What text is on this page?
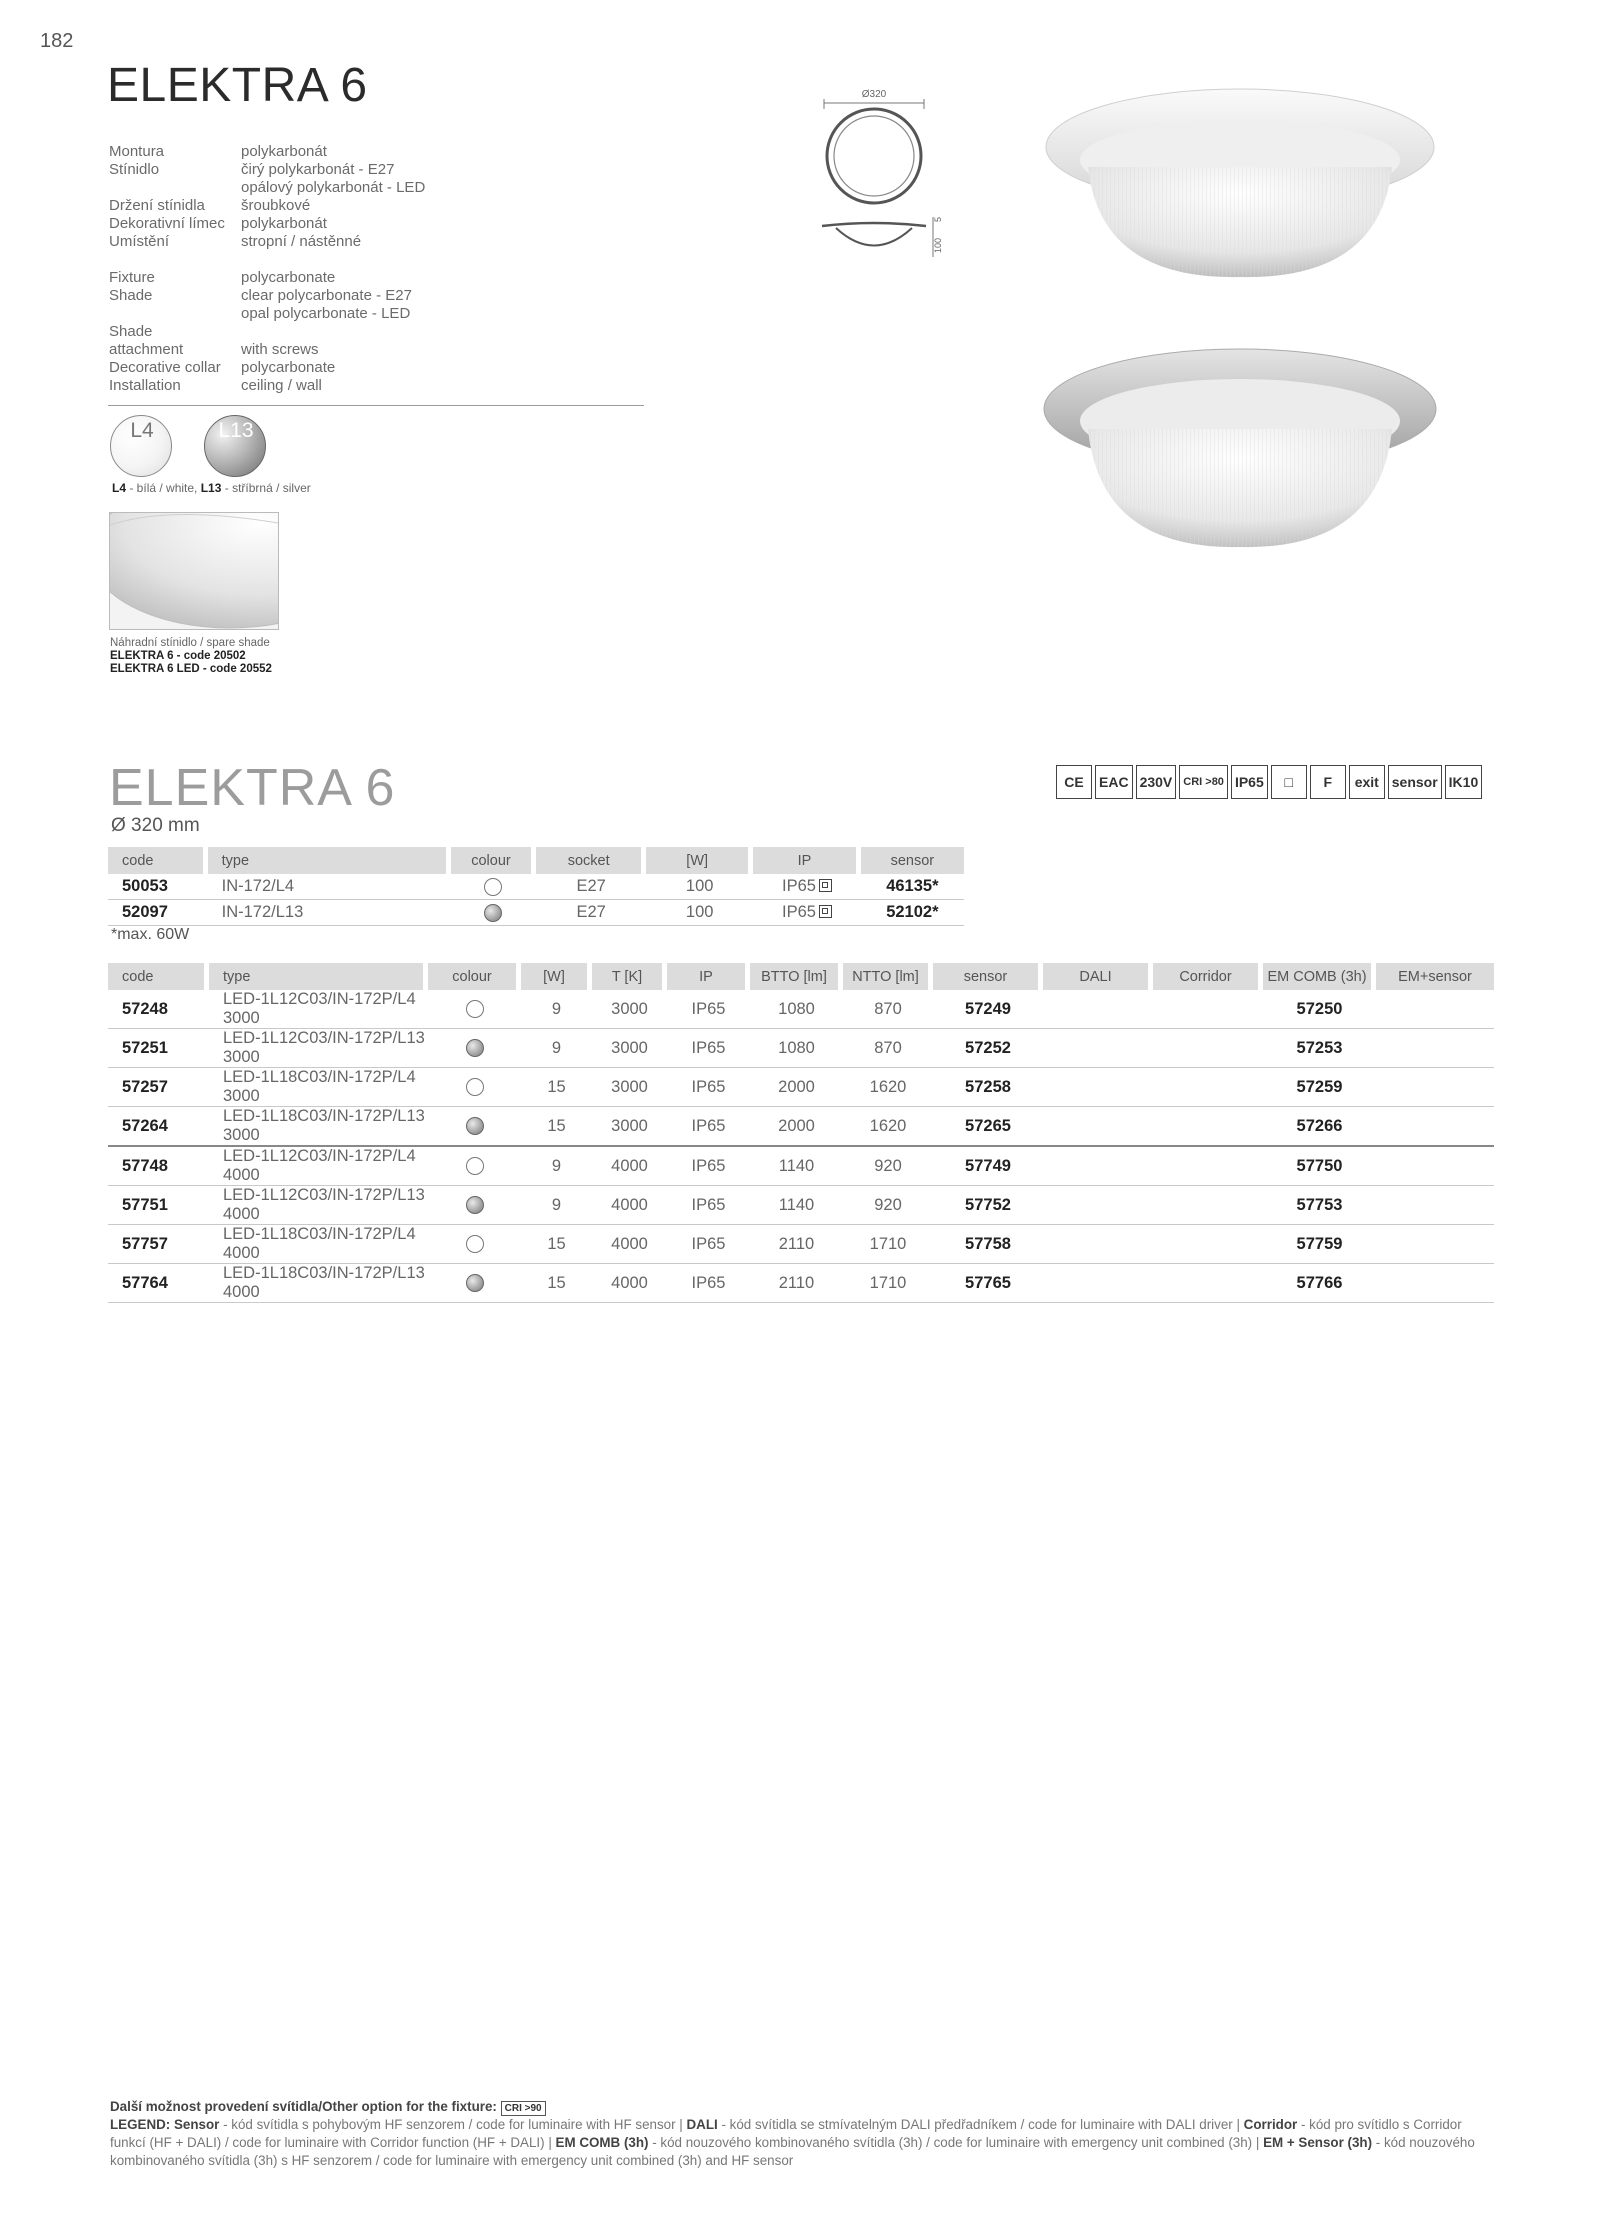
182
ELEKTRA 6
Montura	polykarbonát
Stínidlo	čirý polykarbonát - E27
opálový polykarbonát - LED
Držení stínidla	šroubkové
Dekorativní límec	polykarbonát
Umístění	stropní / nástěnné
Fixture	polycarbonate
Shade	clear polycarbonate - E27
opal polycarbonate - LED
Shade
attachment	with screws
Decorative collar	polycarbonate
Installation	ceiling / wall
L4	L13
L4 - bílá / white, L13 - stříbrná / silver
Náhradní stínidlo / spare shade
ELEKTRA 6 - code 20502
ELEKTRA 6 LED - code 20552
Ø320
100
5
ELEKTRA 6
Ø 320 mm
CE	EAC 230V	CRI >80 IP65	□	F	exit sensor IK10
code	type	colour	socket	[W]	IP	sensor
50053	IN-172/L4		E27	100	IP65	46135*
52097	IN-172/L13		E27	100	IP65	52102*
*max. 60W
code	type	colour	[W]	T [K]	IP	BTTO [lm]	NTTO [lm]	sensor	DALI	Corridor	EM COMB (3h)	EM+sensor
57248	LED-1L12C03/IN-172P/L4 3000		9	3000	IP65	1080	870	57249			57250	
57251	LED-1L12C03/IN-172P/L13 3000		9	3000	IP65	1080	870	57252			57253	
57257	LED-1L18C03/IN-172P/L4 3000		15	3000	IP65	2000	1620	57258			57259	
57264	LED-1L18C03/IN-172P/L13 3000		15	3000	IP65	2000	1620	57265			57266	
57748	LED-1L12C03/IN-172P/L4 4000		9	4000	IP65	1140	920	57749			57750	
57751	LED-1L12C03/IN-172P/L13 4000		9	4000	IP65	1140	920	57752			57753	
57757	LED-1L18C03/IN-172P/L4 4000		15	4000	IP65	2110	1710	57758			57759	
57764	LED-1L18C03/IN-172P/L13 4000		15	4000	IP65	2110	1710	57765			57766	
Další možnost provedení svítidla/Other option for the fixture: CRI >90
LEGEND: Sensor - kód svítidla s pohybovým HF senzorem / code for luminaire with HF sensor | DALI - kód svítidla se stmívatelným DALI předřadníkem / code for luminaire with DALI driver | Corridor - kód pro svítidlo s Corridor funkcí (HF + DALI) / code for luminaire with Corridor function (HF + DALI) | EM COMB (3h) - kód nouzového kombinovaného svítidla (3h) / code for luminaire with emergency unit combined (3h) | EM + Sensor (3h) - kód nouzového kombinovaného svítidla (3h) s HF senzorem / code for luminaire with emergency unit combined (3h) and HF sensor
